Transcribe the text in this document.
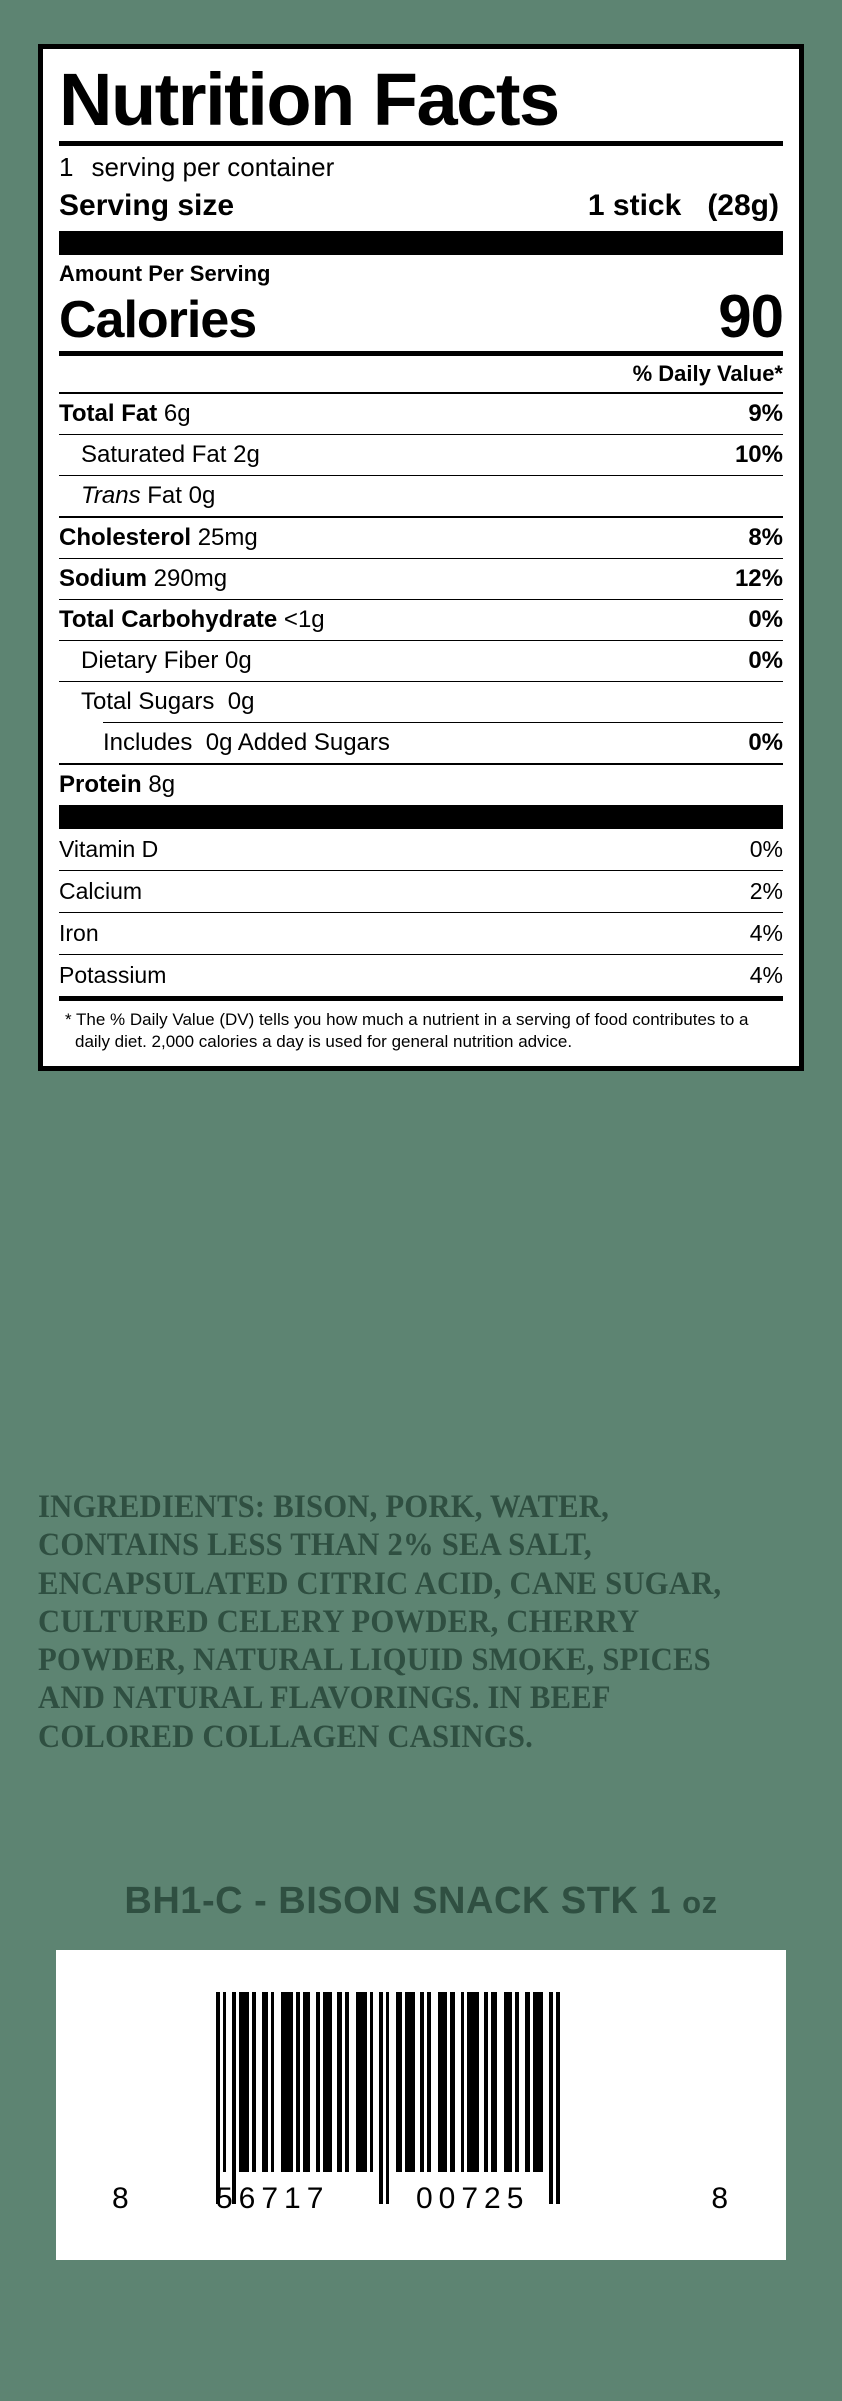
Nutrition Facts
1 serving per container
Serving size	1 stick (28g)
Amount Per Serving
Calories	90
% Daily Value*
Total Fat 6g	9%
Saturated Fat 2g	10%
Trans Fat 0g
Cholesterol 25mg	8%
Sodium 290mg	12%
Total Carbohydrate <1g	0%
Dietary Fiber 0g	0%
Total Sugars 0g
Includes 0g Added Sugars	0%
Protein 8g
Vitamin D	0%
Calcium	2%
Iron	4%
Potassium	4%
* The % Daily Value (DV) tells you how much a nutrient in a serving of food contributes to a daily diet. 2,000 calories a day is used for general nutrition advice.
INGREDIENTS: BISON, PORK, WATER, CONTAINS LESS THAN 2% SEA SALT, ENCAPSULATED CITRIC ACID, CANE SUGAR, CULTURED CELERY POWDER, CHERRY POWDER, NATURAL LIQUID SMOKE, SPICES AND NATURAL FLAVORINGS. IN BEEF COLORED COLLAGEN CASINGS.
BH1-C - BISON SNACK STK 1 oz
8	56717	00725	8
